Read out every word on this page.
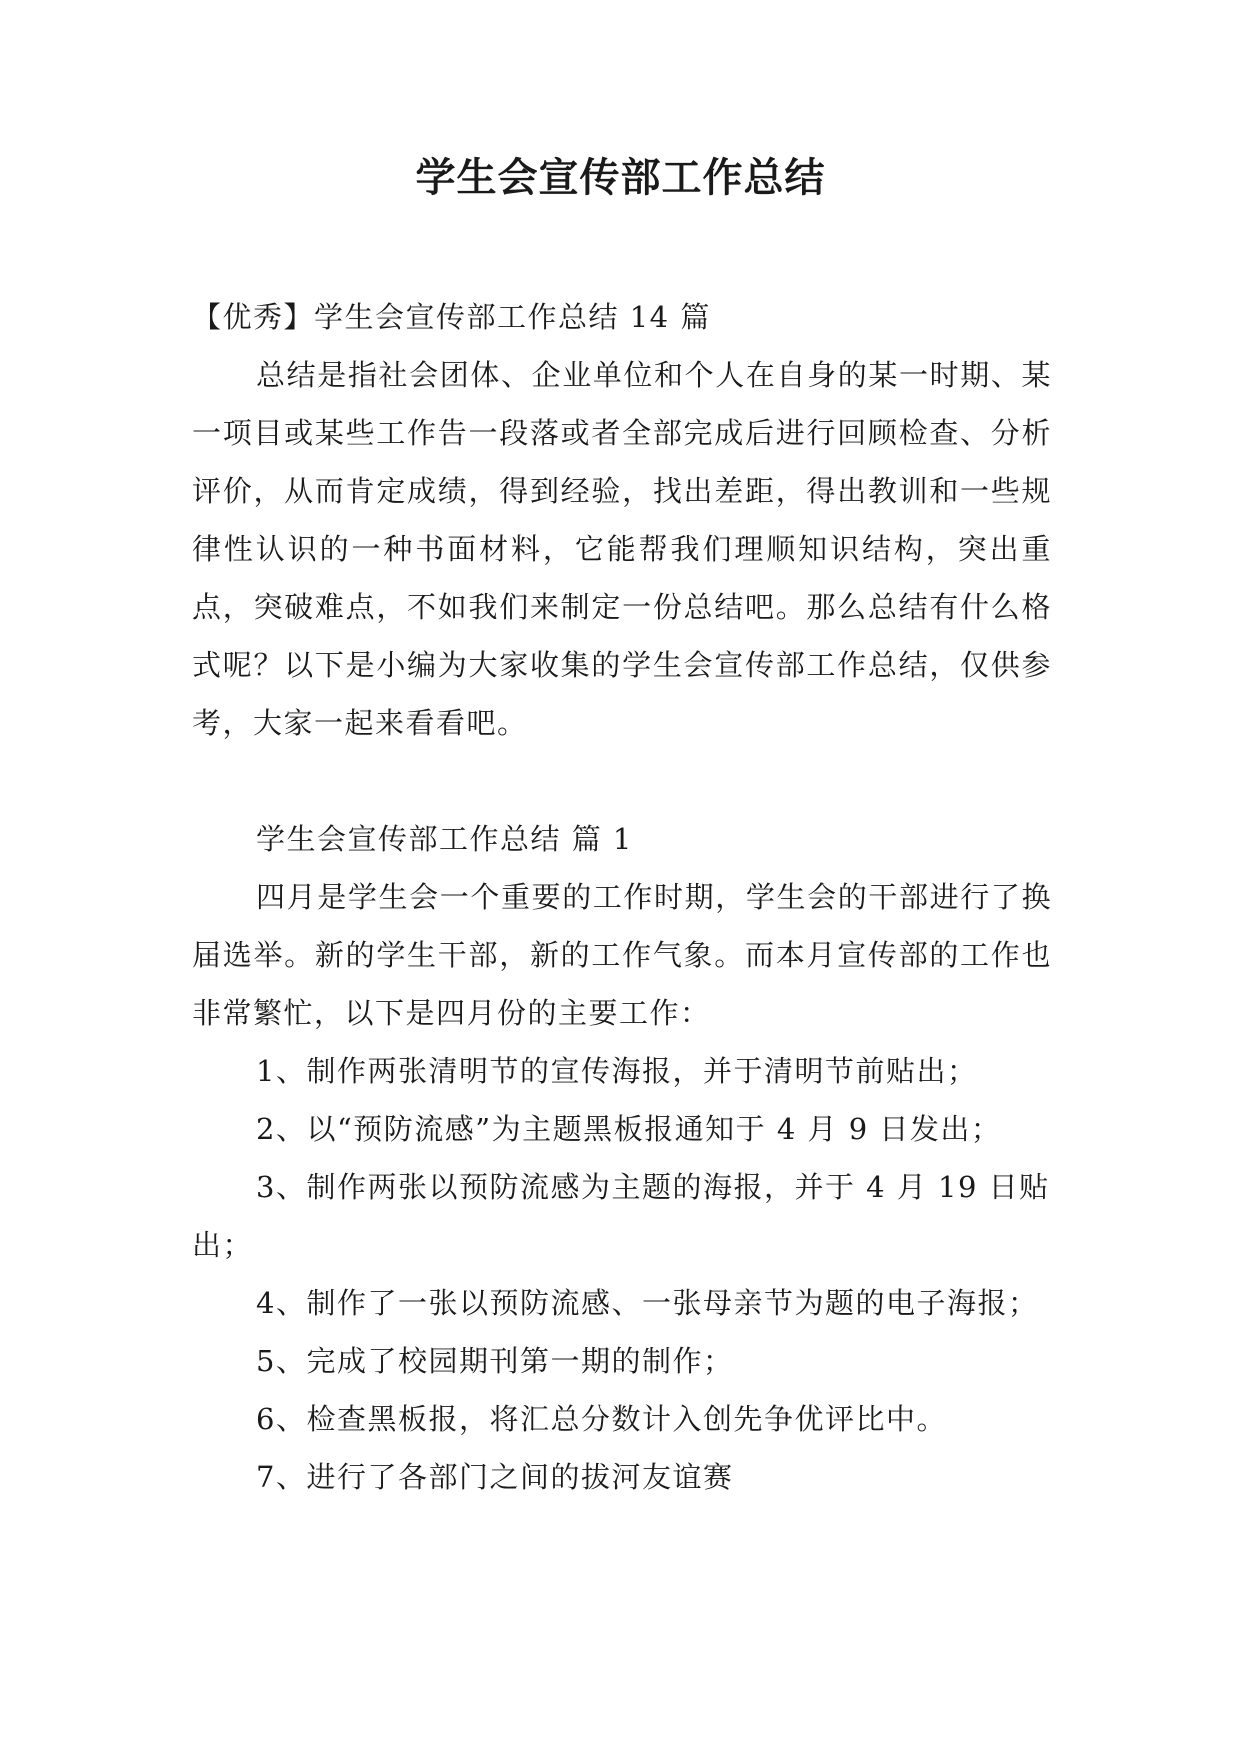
学生会宣传部工作总结

【优秀】学生会宣传部工作总结 14 篇

总结是指社会团体、企业单位和个人在自身的某一时期、某一项目或某些工作告一段落或者全部完成后进行回顾检查、分析评价，从而肯定成绩，得到经验，找出差距，得出教训和一些规律性认识的一种书面材料，它能帮我们理顺知识结构，突出重点，突破难点，不如我们来制定一份总结吧。那么总结有什么格式呢？以下是小编为大家收集的学生会宣传部工作总结，仅供参考，大家一起来看看吧。

学生会宣传部工作总结 篇 1

四月是学生会一个重要的工作时期，学生会的干部进行了换届选举。新的学生干部，新的工作气象。而本月宣传部的工作也非常繁忙，以下是四月份的主要工作：

1、制作两张清明节的宣传海报，并于清明节前贴出；

2、以“预防流感”为主题黑板报通知于 4 月 9 日发出；

3、制作两张以预防流感为主题的海报，并于 4 月 19 日贴出；

4、制作了一张以预防流感、一张母亲节为题的电子海报；

5、完成了校园期刊第一期的制作；

6、检查黑板报，将汇总分数计入创先争优评比中。

7、进行了各部门之间的拔河友谊赛
